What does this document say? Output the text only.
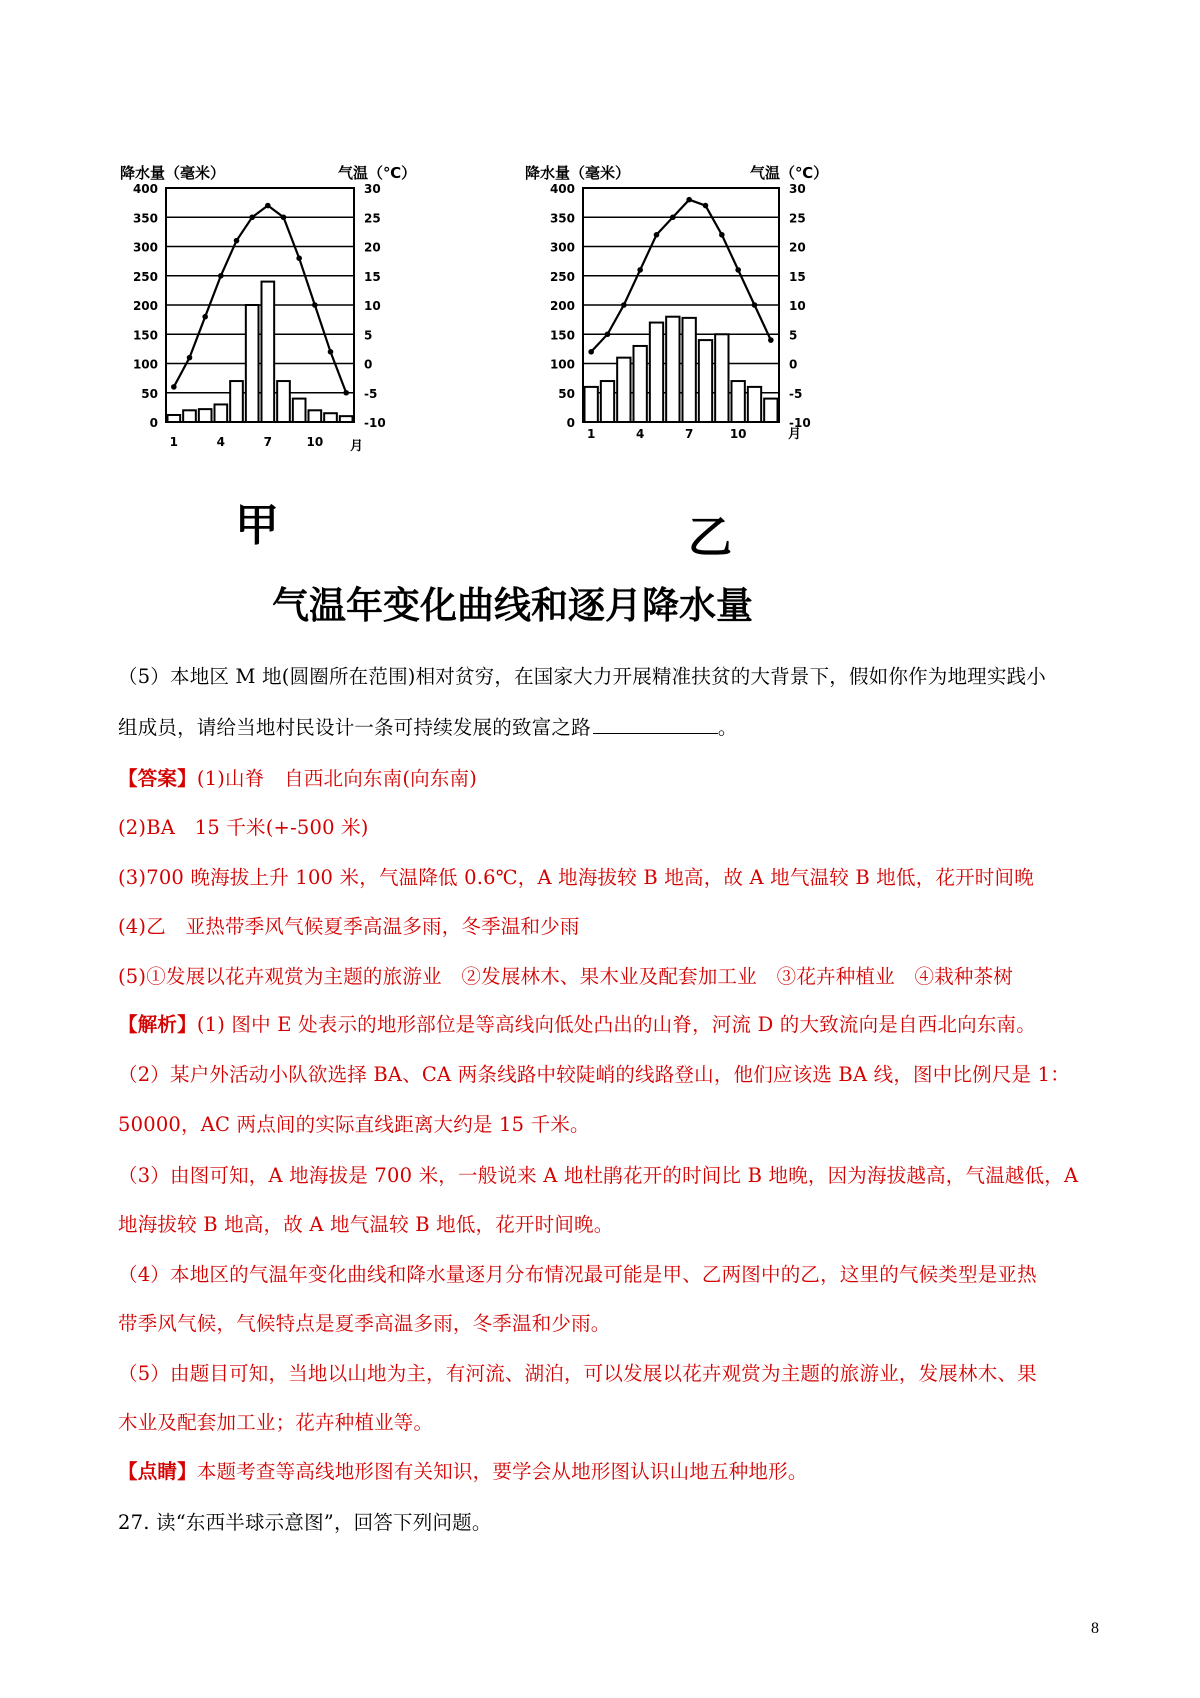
降水量（毫米）	气温（℃）
0
50
100
150
200
250
300
350
400
-10
-5
0
5
10
15
20
25
30
1	4	7	10 月
甲
降水量（毫米）	气温（℃）
0
50
100
150
200
250
300
350
400
-10
-5
0
5
10
15
20
25
30
1	4	7	10	月
乙
气温年变化曲线和逐月降水量
（5）本地区 M 地(圆圈所在范围)相对贫穷，在国家大力开展精准扶贫的大背景下，假如你作为地理实践小
组成员，请给当地村民设计一条可持续发展的致富之路	。
【答案】(1)山脊　自西北向东南(向东南)
(2)BA　15 千米(+-500 米)
(3)700 晚海拔上升 100 米，气温降低 0.6℃，A 地海拔较 B 地高，故 A 地气温较 B 地低，花开时间晚
(4)乙　亚热带季风气候夏季高温多雨，冬季温和少雨
(5)①发展以花卉观赏为主题的旅游业　②发展林木、果木业及配套加工业　③花卉种植业　④栽种茶树
【解析】(1) 图中 E 处表示的地形部位是等高线向低处凸出的山脊，河流 D 的大致流向是自西北向东南。
（2）某户外活动小队欲选择 BA、CA 两条线路中较陡峭的线路登山，他们应该选 BA 线，图中比例尺是 1：
50000，AC 两点间的实际直线距离大约是 15 千米。
（3）由图可知，A 地海拔是 700 米，一般说来 A 地杜鹃花开的时间比 B 地晚，因为海拔越高，气温越低，A
地海拔较 B 地高，故 A 地气温较 B 地低，花开时间晚。
（4）本地区的气温年变化曲线和降水量逐月分布情况最可能是甲、乙两图中的乙，这里的气候类型是亚热
带季风气候，气候特点是夏季高温多雨，冬季温和少雨。
（5）由题目可知，当地以山地为主，有河流、湖泊，可以发展以花卉观赏为主题的旅游业，发展林木、果
木业及配套加工业；花卉种植业等。
【点睛】本题考查等高线地形图有关知识，要学会从地形图认识山地五种地形。
27. 读“东西半球示意图”，回答下列问题。
8
